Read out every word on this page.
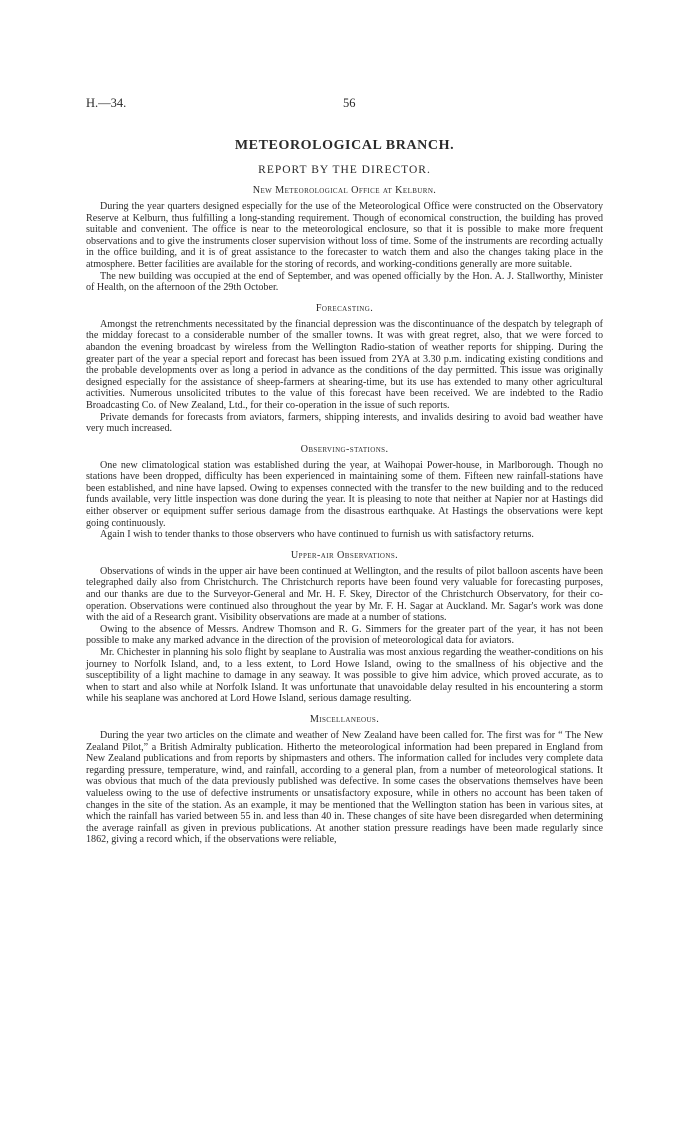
H.—34.	56
METEOROLOGICAL BRANCH.
REPORT BY THE DIRECTOR.
New Meteorological Office at Kelburn.

During the year quarters designed especially for the use of the Meteorological Office were constructed on the Observatory Reserve at Kelburn, thus fulfilling a long-standing requirement. Though of economical construction, the building has proved suitable and convenient. The office is near to the meteorological enclosure, so that it is possible to make more frequent observations and to give the instruments closer supervision without loss of time. Some of the instruments are recording actually in the office building, and it is of great assistance to the forecaster to watch them and also the changes taking place in the atmosphere. Better facilities are available for the storing of records, and working-conditions generally are more suitable.

The new building was occupied at the end of September, and was opened officially by the Hon. A. J. Stallworthy, Minister of Health, on the afternoon of the 29th October.

Forecasting.

Amongst the retrenchments necessitated by the financial depression was the discontinuance of the despatch by telegraph of the midday forecast to a considerable number of the smaller towns. It was with great regret, also, that we were forced to abandon the evening broadcast by wireless from the Wellington Radio-station of weather reports for shipping. During the greater part of the year a special report and forecast has been issued from 2YA at 3.30 p.m. indicating existing conditions and the probable developments over as long a period in advance as the conditions of the day permitted. This issue was originally designed especially for the assistance of sheep-farmers at shearing-time, but its use has extended to many other agricultural activities. Numerous unsolicited tributes to the value of this forecast have been received. We are indebted to the Radio Broadcasting Co. of New Zealand, Ltd., for their co-operation in the issue of such reports.

Private demands for forecasts from aviators, farmers, shipping interests, and invalids desiring to avoid bad weather have very much increased.

Observing-stations.

One new climatological station was established during the year, at Waihopai Power-house, in Marlborough. Though no stations have been dropped, difficulty has been experienced in maintaining some of them. Fifteen new rainfall-stations have been established, and nine have lapsed. Owing to expenses connected with the transfer to the new building and to the reduced funds available, very little inspection was done during the year. It is pleasing to note that neither at Napier nor at Hastings did either observer or equipment suffer serious damage from the disastrous earthquake. At Hastings the observations were kept going continuously.

Again I wish to tender thanks to those observers who have continued to furnish us with satisfactory returns.

Upper-air Observations.

Observations of winds in the upper air have been continued at Wellington, and the results of pilot balloon ascents have been telegraphed daily also from Christchurch. The Christchurch reports have been found very valuable for forecasting purposes, and our thanks are due to the Surveyor-General and Mr. H. F. Skey, Director of the Christchurch Observatory, for their co-operation. Observations were continued also throughout the year by Mr. F. H. Sagar at Auckland. Mr. Sagar's work was done with the aid of a Research grant. Visibility observations are made at a number of stations.

Owing to the absence of Messrs. Andrew Thomson and R. G. Simmers for the greater part of the year, it has not been possible to make any marked advance in the direction of the provision of meteorological data for aviators.

Mr. Chichester in planning his solo flight by seaplane to Australia was most anxious regarding the weather-conditions on his journey to Norfolk Island, and, to a less extent, to Lord Howe Island, owing to the smallness of his objective and the susceptibility of a light machine to damage in any seaway. It was possible to give him advice, which proved accurate, as to when to start and also while at Norfolk Island. It was unfortunate that unavoidable delay resulted in his encountering a storm while his seaplane was anchored at Lord Howe Island, serious damage resulting.

Miscellaneous.

During the year two articles on the climate and weather of New Zealand have been called for. The first was for “ The New Zealand Pilot,” a British Admiralty publication. Hitherto the meteorological information had been prepared in England from New Zealand publications and from reports by shipmasters and others. The information called for includes very complete data regarding pressure, temperature, wind, and rainfall, according to a general plan, from a number of meteorological stations. It was obvious that much of the data previously published was defective. In some cases the observations themselves have been valueless owing to the use of defective instruments or unsatisfactory exposure, while in others no account has been taken of changes in the site of the station. As an example, it may be mentioned that the Wellington station has been in various sites, at which the rainfall has varied between 55 in. and less than 40 in. These changes of site have been disregarded when determining the average rainfall as given in previous publications. At another station pressure readings have been made regularly since 1862, giving a record which, if the observations were reliable,
